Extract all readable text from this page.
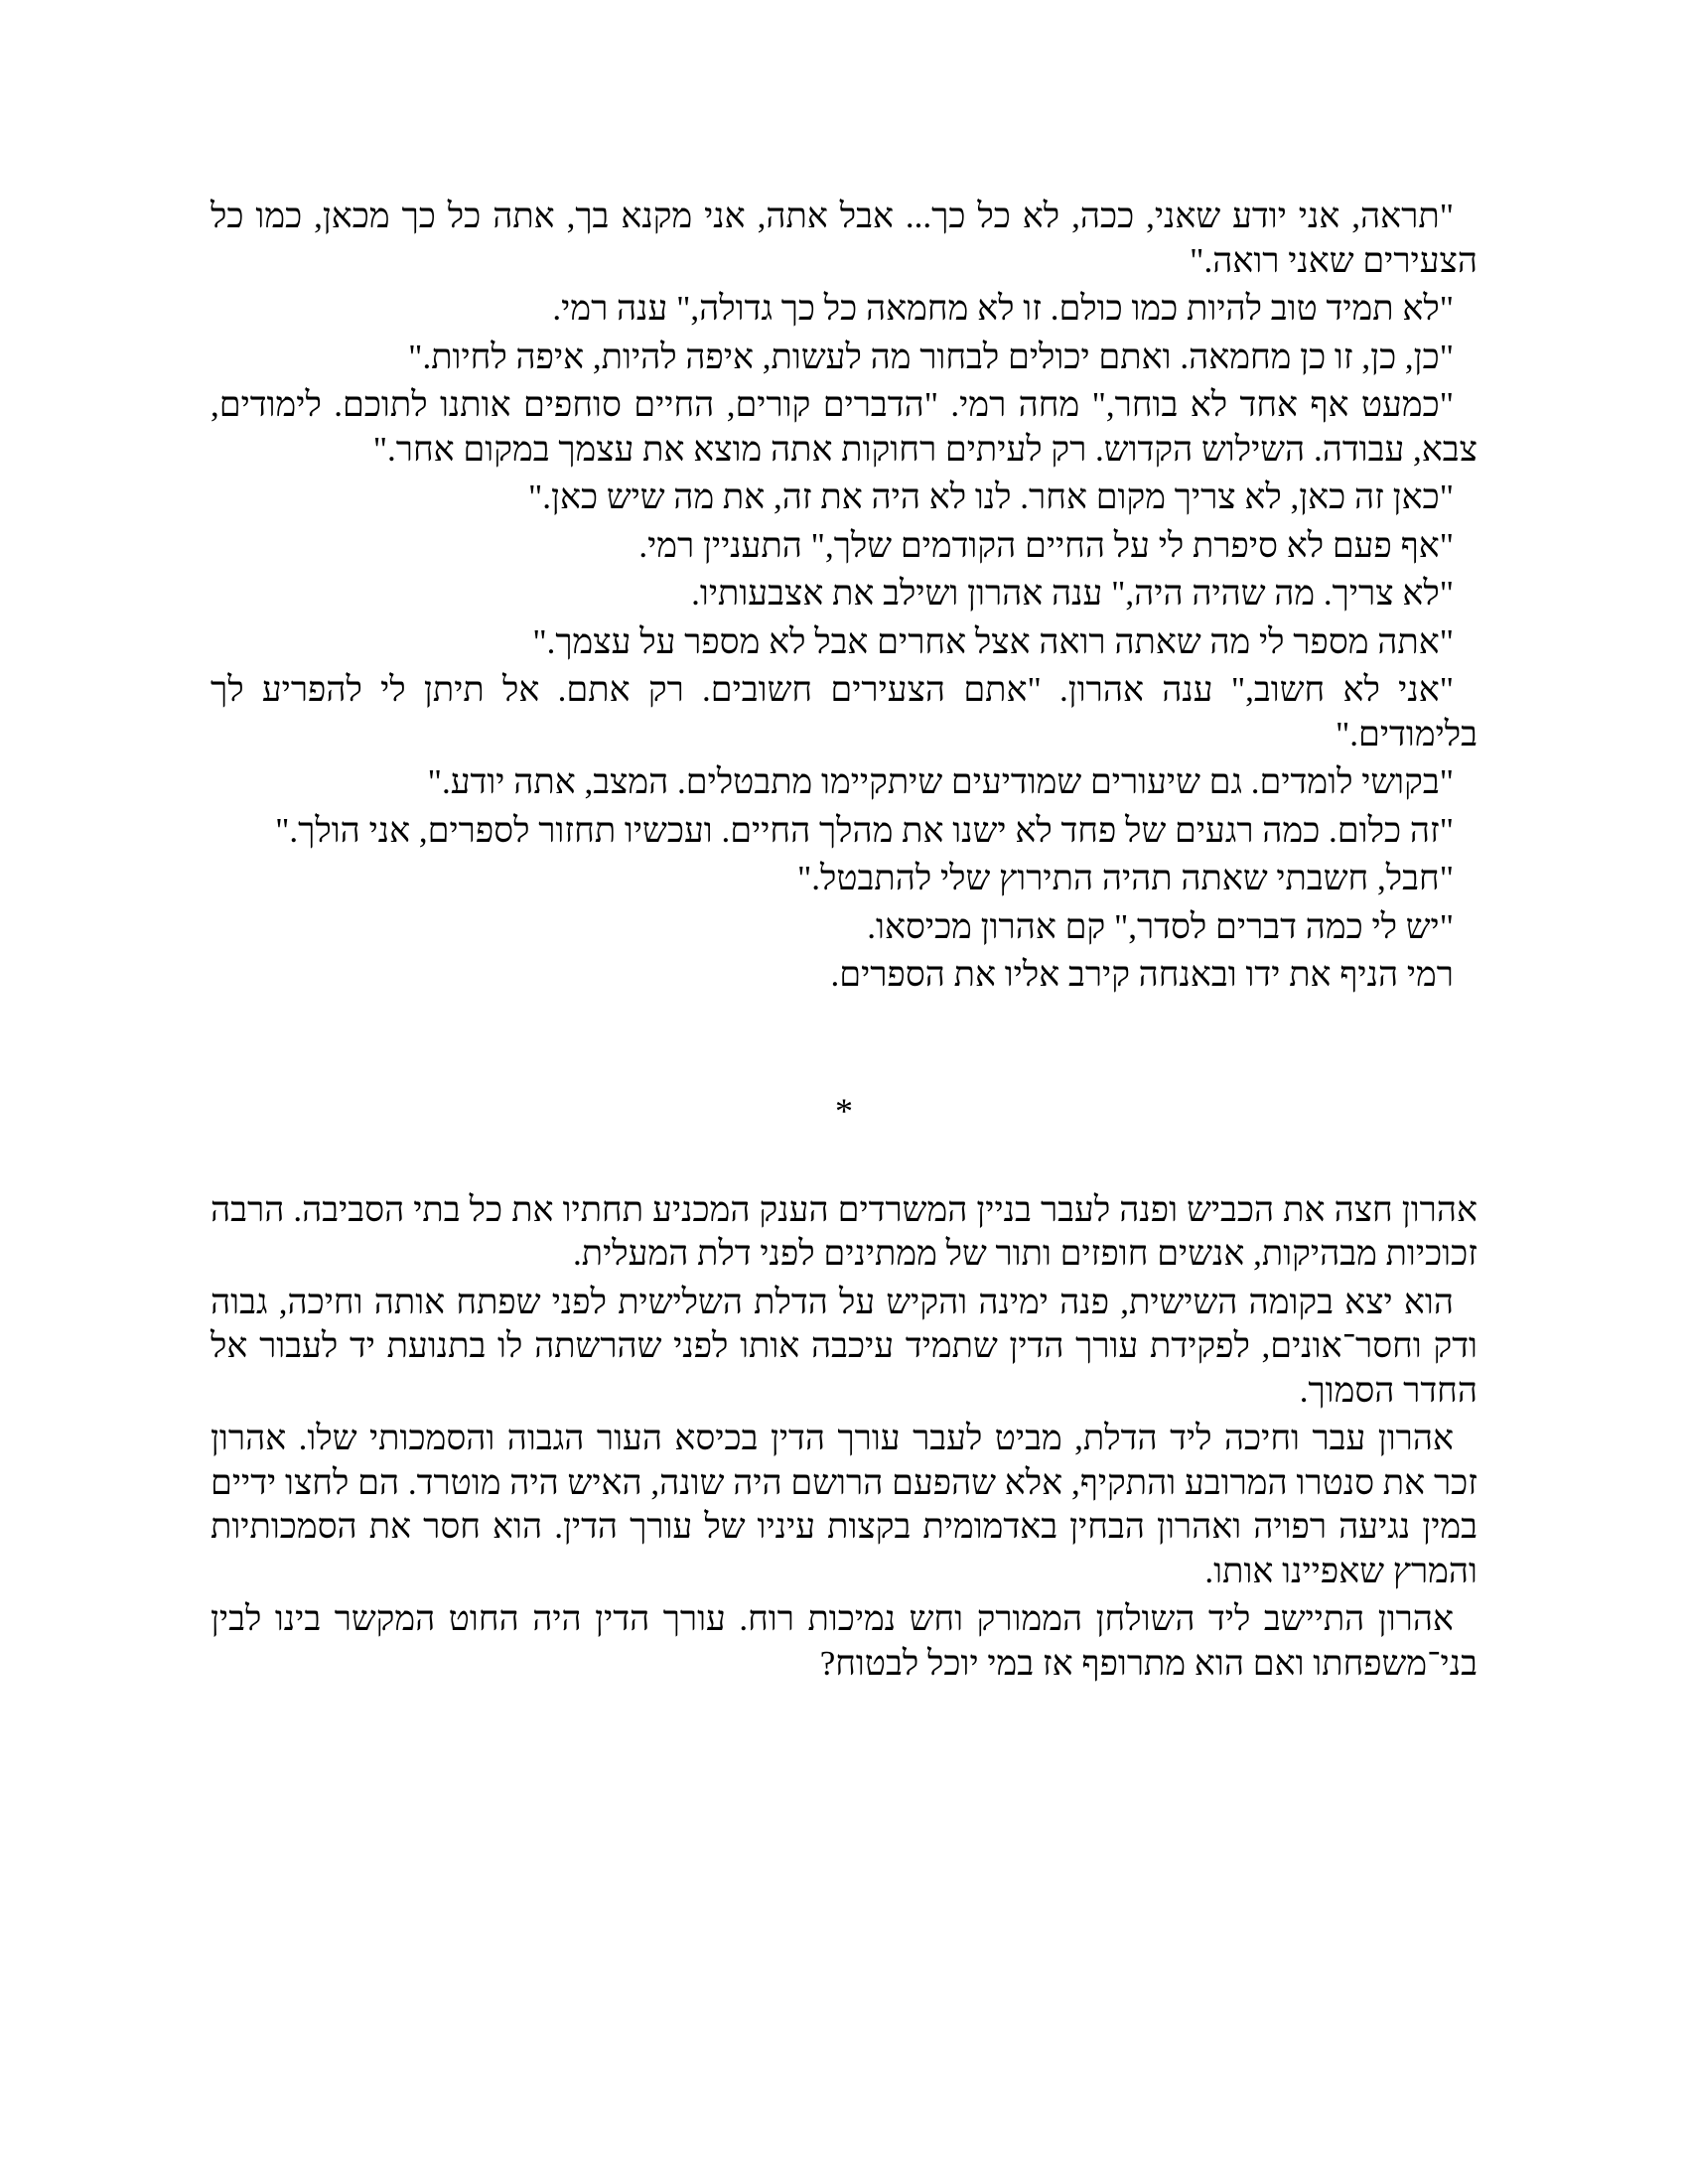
"תראה, אני יודע שאני, ככה, לא כל כך... אבל אתה, אני מקנא בך, אתה כל כך מכאן, כמו כל הצעירים שאני רואה."

"לא תמיד טוב להיות כמו כולם. זו לא מחמאה כל כך גדולה," ענה רמי.

"כן, כן, זו כן מחמאה. ואתם יכולים לבחור מה לעשות, איפה להיות, איפה לחיות."

"כמעט אף אחד לא בוחר," מחה רמי. "הדברים קורים, החיים סוחפים אותנו לתוכם. לימודים, צבא, עבודה. השילוש הקדוש. רק לעיתים רחוקות אתה מוצא את עצמך במקום אחר."

"כאן זה כאן, לא צריך מקום אחר. לנו לא היה את זה, את מה שיש כאן."

"אף פעם לא סיפרת לי על החיים הקודמים שלך," התעניין רמי.

"לא צריך. מה שהיה היה," ענה אהרון ושילב את אצבעותיו.

"אתה מספר לי מה שאתה רואה אצל אחרים אבל לא מספר על עצמך."

"אני לא חשוב," ענה אהרון. "אתם הצעירים חשובים. רק אתם. אל תיתן לי להפריע לך בלימודים."

"בקושי לומדים. גם שיעורים שמודיעים שיתקיימו מתבטלים. המצב, אתה יודע."

"זה כלום. כמה רגעים של פחד לא ישנו את מהלך החיים. ועכשיו תחזור לספרים, אני הולך."

"חבל, חשבתי שאתה תהיה התירוץ שלי להתבטל."

"יש לי כמה דברים לסדר," קם אהרון מכיסאו.

רמי הניף את ידו ובאנחה קירב אליו את הספרים.

*

אהרון חצה את הכביש ופנה לעבר בניין המשרדים הענק המכניע תחתיו את כל בתי הסביבה. הרבה זכוכיות מבהיקות, אנשים חופזים ותור של ממתינים לפני דלת המעלית.

הוא יצא בקומה השישית, פנה ימינה והקיש על הדלת השלישית לפני שפתח אותה וחיכה, גבוה ודק וחסר־אונים, לפקידת עורך הדין שתמיד עיכבה אותו לפני שהרשתה לו בתנועת יד לעבור אל החדר הסמוך.

אהרון עבר וחיכה ליד הדלת, מביט לעבר עורך הדין בכיסא העור הגבוה והסמכותי שלו. אהרון זכר את סנטרו המרובע והתקיף, אלא שהפעם הרושם היה שונה, האיש היה מוטרד. הם לחצו ידיים במין נגיעה רפויה ואהרון הבחין באדמומית בקצות עיניו של עורך הדין. הוא חסר את הסמכותיות והמרץ שאפיינו אותו.

אהרון התיישב ליד השולחן הממורק וחש נמיכות רוח. עורך הדין היה החוט המקשר בינו לבין בני־משפחתו ואם הוא מתרופף אז במי יוכל לבטוח?
